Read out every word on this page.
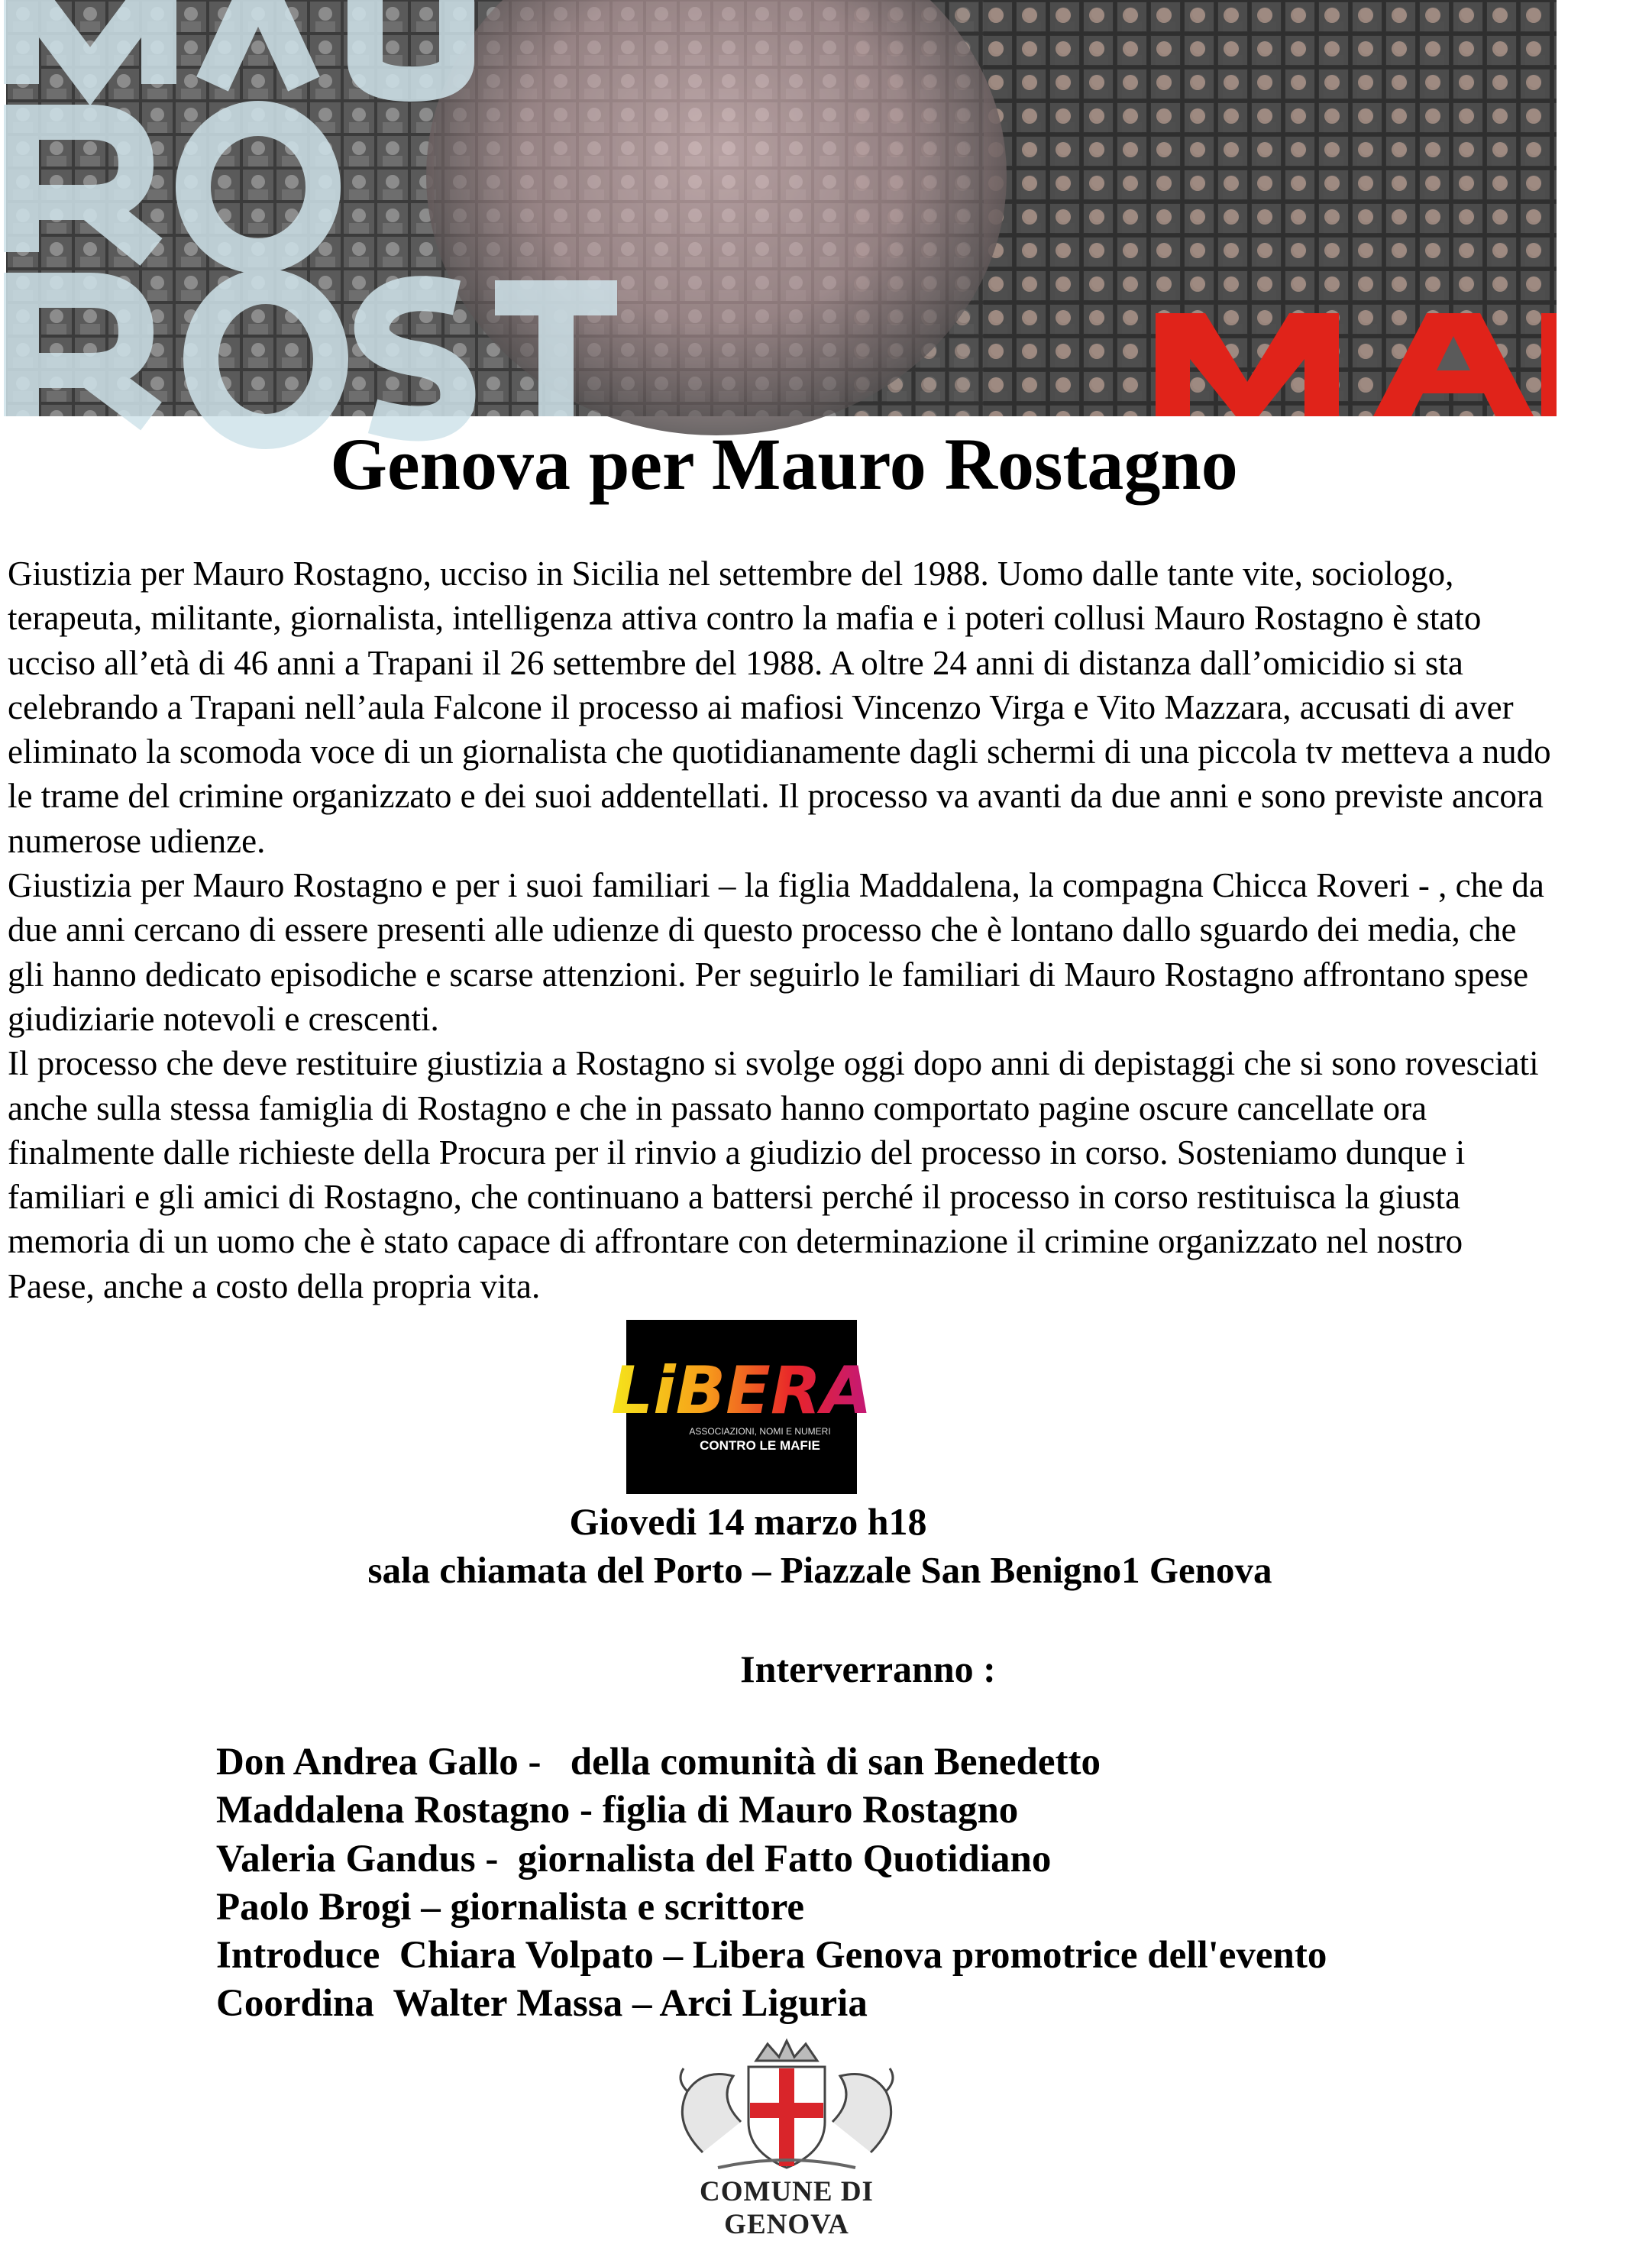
Genova per Mauro Rostagno

Giustizia per Mauro Rostagno, ucciso in Sicilia nel settembre del 1988. Uomo dalle tante vite, sociologo, terapeuta, militante, giornalista, intelligenza attiva contro la mafia e i poteri collusi Mauro Rostagno è stato ucciso all’età di 46 anni a Trapani il 26 settembre del 1988. A oltre 24 anni di distanza dall’omicidio si sta celebrando a Trapani nell’aula Falcone il processo ai mafiosi Vincenzo Virga e Vito Mazzara, accusati di aver eliminato la scomoda voce di un giornalista che quotidianamente dagli schermi di una piccola tv metteva a nudo le trame del crimine organizzato e dei suoi addentellati. Il processo va avanti da due anni e sono previste ancora numerose udienze.

Giustizia per Mauro Rostagno e per i suoi familiari – la figlia Maddalena, la compagna Chicca Roveri - , che da due anni cercano di essere presenti alle udienze di questo processo che è lontano dallo sguardo dei media, che gli hanno dedicato episodiche e scarse attenzioni. Per seguirlo le familiari di Mauro Rostagno affrontano spese giudiziarie notevoli e crescenti.

Il processo che deve restituire giustizia a Rostagno si svolge oggi dopo anni di depistaggi che si sono rovesciati anche sulla stessa famiglia di Rostagno e che in passato hanno comportato pagine oscure cancellate ora finalmente dalle richieste della Procura per il rinvio a giudizio del processo in corso. Sosteniamo dunque i familiari e gli amici di Rostagno, che continuano a battersi perché il processo in corso restituisca la giusta memoria di un uomo che è stato capace di affrontare con determinazione il crimine organizzato nel nostro Paese, anche a costo della propria vita.

LiBERA
ASSOCIAZIONI, NOMI E NUMERI
CONTRO LE MAFIE
Giovedi 14 marzo h18
sala chiamata del Porto – Piazzale San Benigno1 Genova
Interverranno :
Don Andrea Gallo -   della comunità di san Benedetto
Maddalena Rostagno - figlia di Mauro Rostagno
Valeria Gandus -  giornalista del Fatto Quotidiano
Paolo Brogi – giornalista e scrittore
Introduce  Chiara Volpato – Libera Genova promotrice dell'evento
Coordina  Walter Massa – Arci Liguria
COMUNE DI GENOVA
